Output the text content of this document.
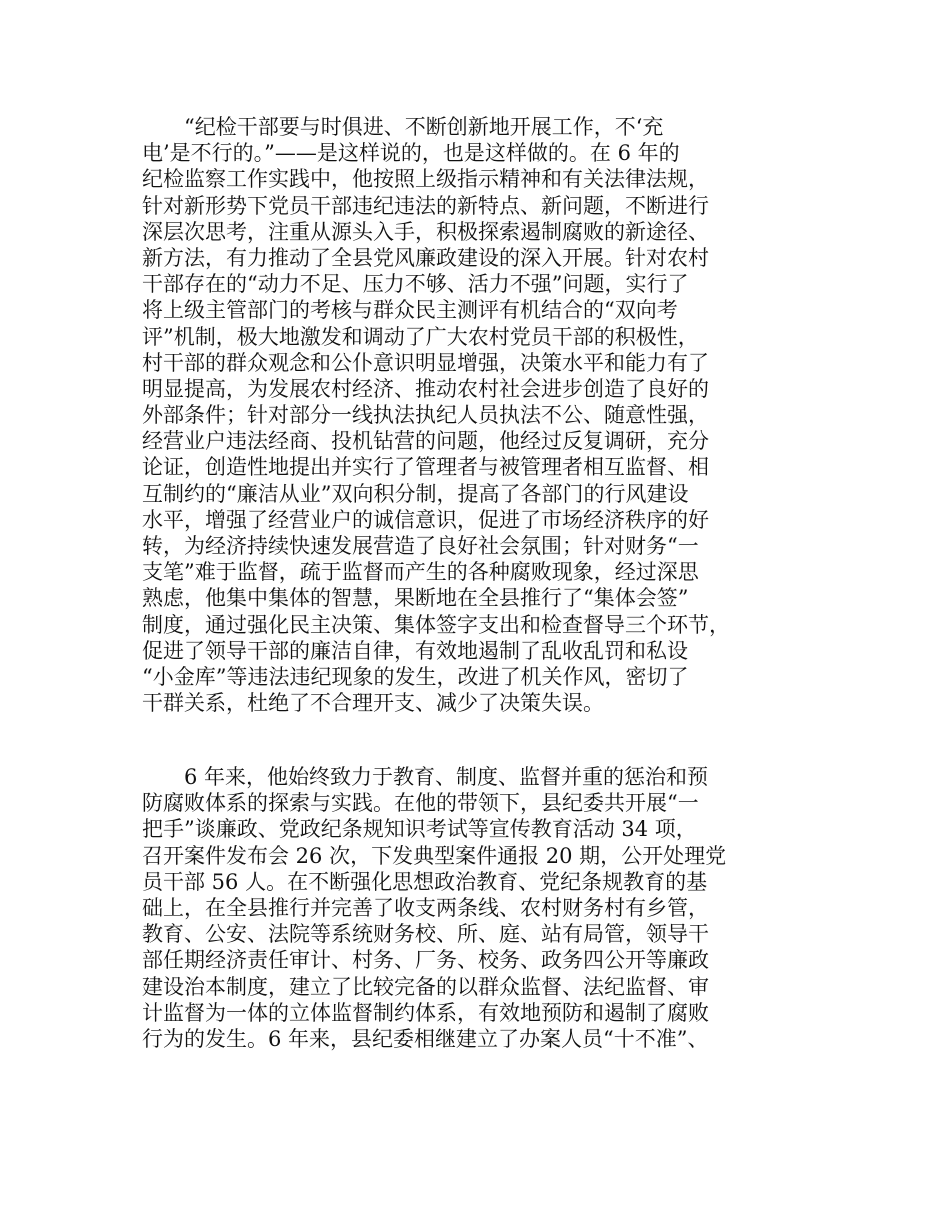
“纪检干部要与时俱进、不断创新地开展工作，不‘充
电’是不行的。”——是这样说的，也是这样做的。在 6 年的
纪检监察工作实践中，他按照上级指示精神和有关法律法规，
针对新形势下党员干部违纪违法的新特点、新问题，不断进行
深层次思考，注重从源头入手，积极探索遏制腐败的新途径、
新方法，有力推动了全县党风廉政建设的深入开展。针对农村
干部存在的“动力不足、压力不够、活力不强”问题，实行了
将上级主管部门的考核与群众民主测评有机结合的“双向考
评”机制，极大地激发和调动了广大农村党员干部的积极性，
村干部的群众观念和公仆意识明显增强，决策水平和能力有了
明显提高，为发展农村经济、推动农村社会进步创造了良好的
外部条件；针对部分一线执法执纪人员执法不公、随意性强，
经营业户违法经商、投机钻营的问题，他经过反复调研，充分
论证，创造性地提出并实行了管理者与被管理者相互监督、相
互制约的“廉洁从业”双向积分制，提高了各部门的行风建设
水平，增强了经营业户的诚信意识，促进了市场经济秩序的好
转，为经济持续快速发展营造了良好社会氛围；针对财务“一
支笔”难于监督，疏于监督而产生的各种腐败现象，经过深思
熟虑，他集中集体的智慧，果断地在全县推行了“集体会签”
制度，通过强化民主决策、集体签字支出和检查督导三个环节，
促进了领导干部的廉洁自律，有效地遏制了乱收乱罚和私设
“小金库”等违法违纪现象的发生，改进了机关作风，密切了
干群关系，杜绝了不合理开支、减少了决策失误。
6 年来，他始终致力于教育、制度、监督并重的惩治和预
防腐败体系的探索与实践。在他的带领下，县纪委共开展“一
把手”谈廉政、党政纪条规知识考试等宣传教育活动 34 项，
召开案件发布会 26 次，下发典型案件通报 20 期，公开处理党
员干部 56 人。在不断强化思想政治教育、党纪条规教育的基
础上，在全县推行并完善了收支两条线、农村财务村有乡管，
教育、公安、法院等系统财务校、所、庭、站有局管，领导干
部任期经济责任审计、村务、厂务、校务、政务四公开等廉政
建设治本制度，建立了比较完备的以群众监督、法纪监督、审
计监督为一体的立体监督制约体系，有效地预防和遏制了腐败
行为的发生。6 年来，县纪委相继建立了办案人员“十不准”、
